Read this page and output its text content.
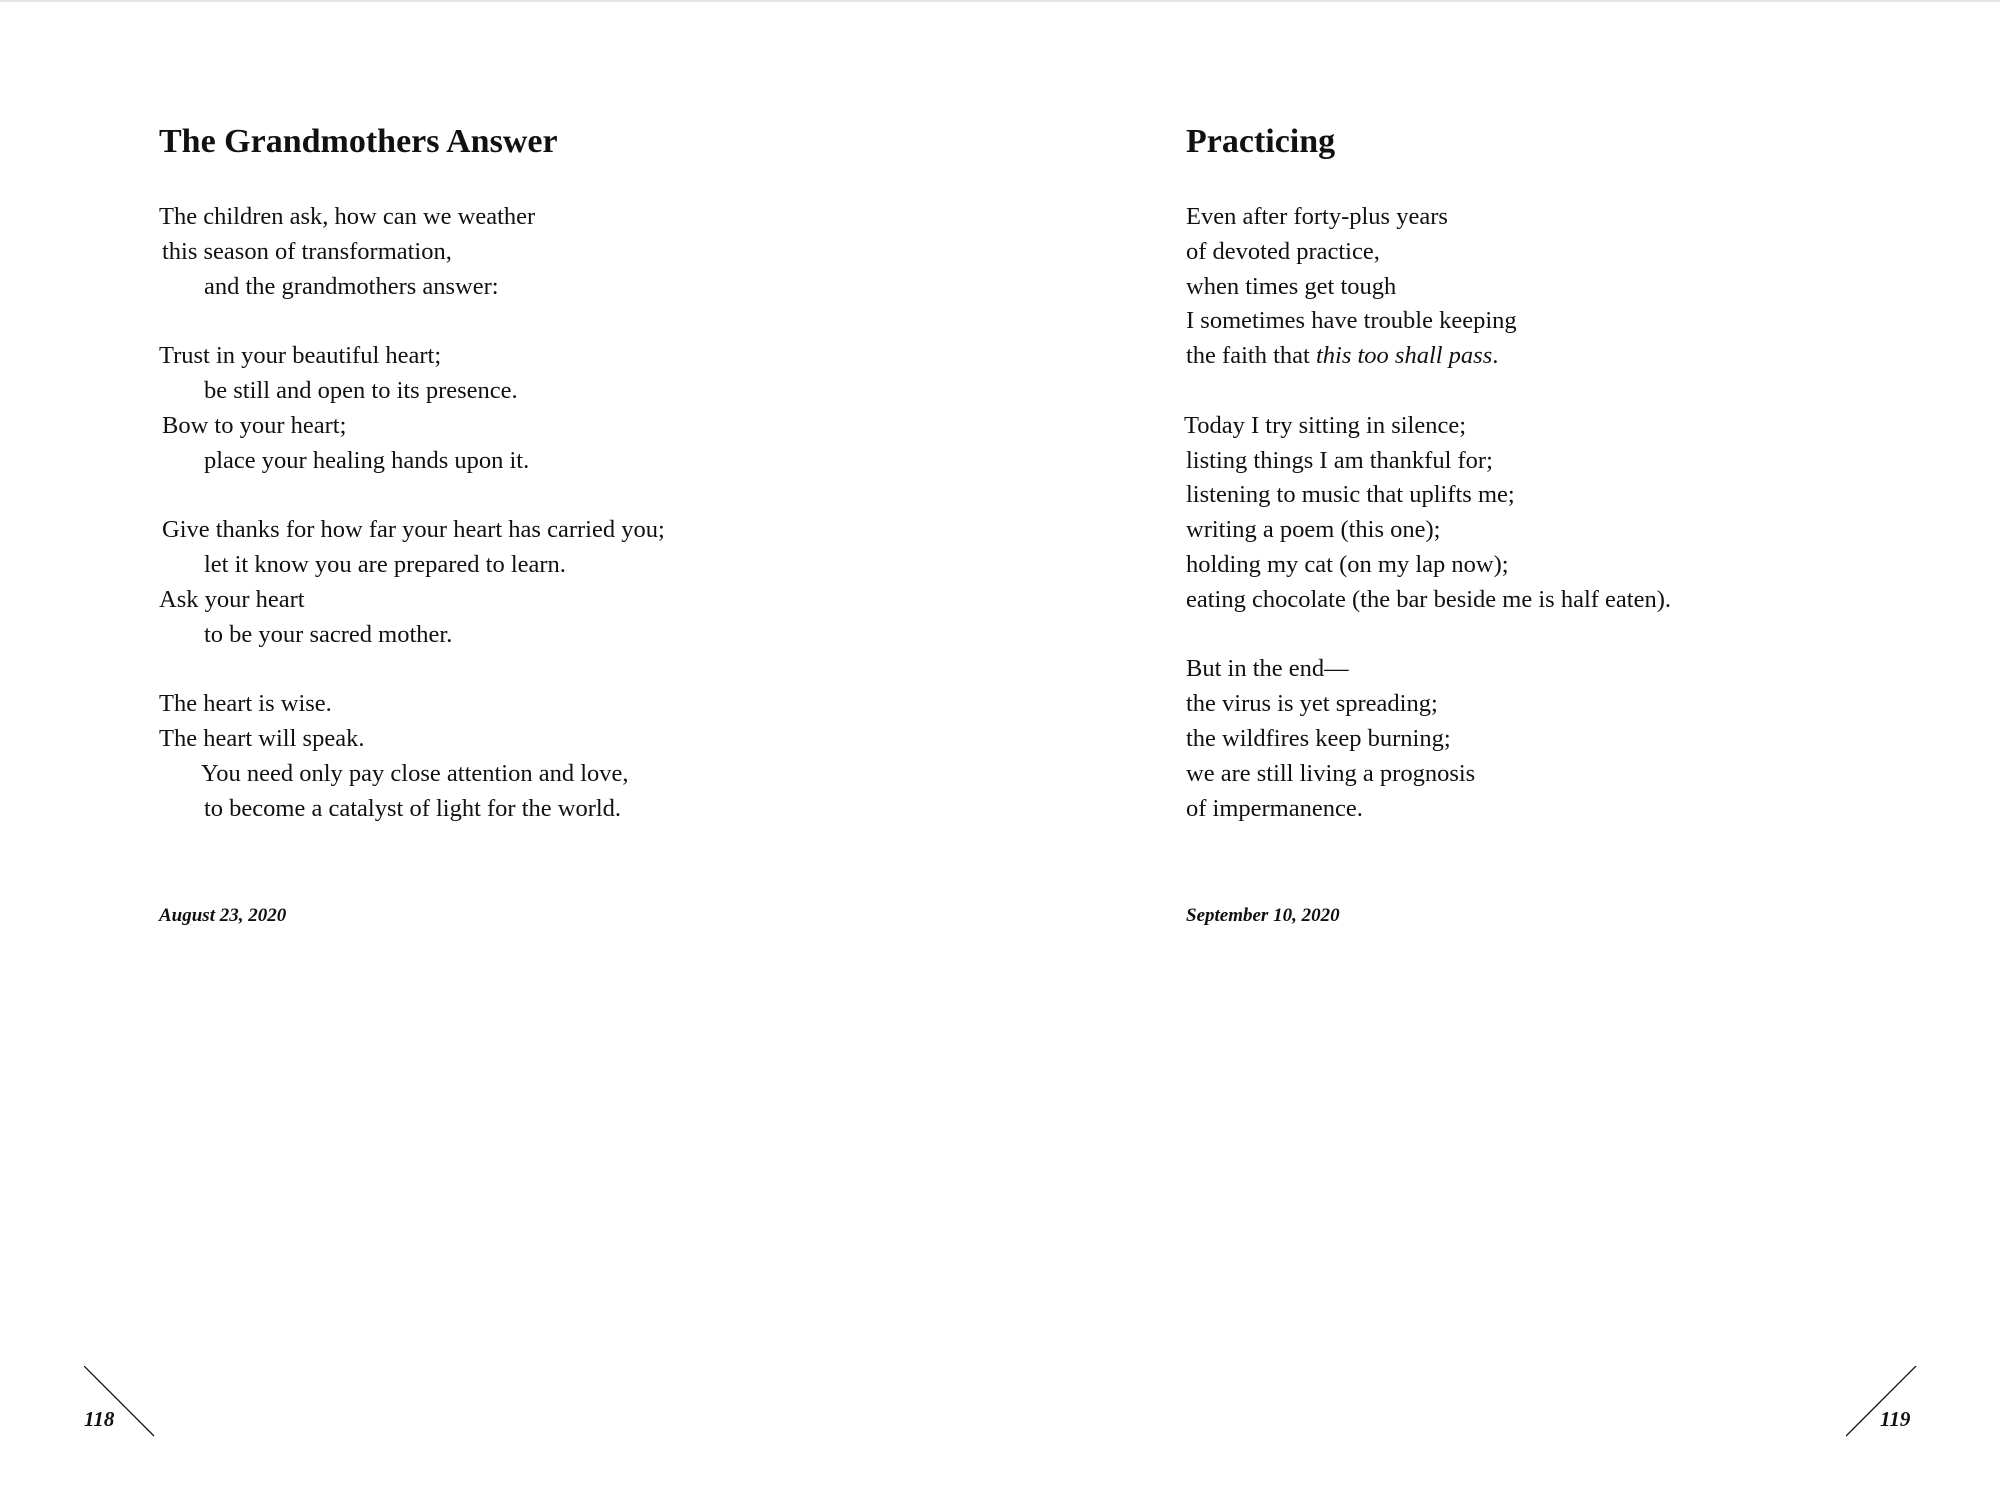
The Grandmothers Answer
The children ask, how can we weather
this season of transformation,
and the grandmothers answer:
Trust in your beautiful heart;
be still and open to its presence.
Bow to your heart;
place your healing hands upon it.
Give thanks for how far your heart has carried you;
let it know you are prepared to learn.
Ask your heart
to be your sacred mother.
The heart is wise.
The heart will speak.
You need only pay close attention and love,
to become a catalyst of light for the world.
August 23, 2020
118
Practicing
Even after forty-plus years
of devoted practice,
when times get tough
I sometimes have trouble keeping
the faith that this too shall pass.
Today I try sitting in silence;
listing things I am thankful for;
listening to music that uplifts me;
writing a poem (this one);
holding my cat (on my lap now);
eating chocolate (the bar beside me is half eaten).
But in the end—
the virus is yet spreading;
the wildfires keep burning;
we are still living a prognosis
of impermanence.
September 10, 2020
119
